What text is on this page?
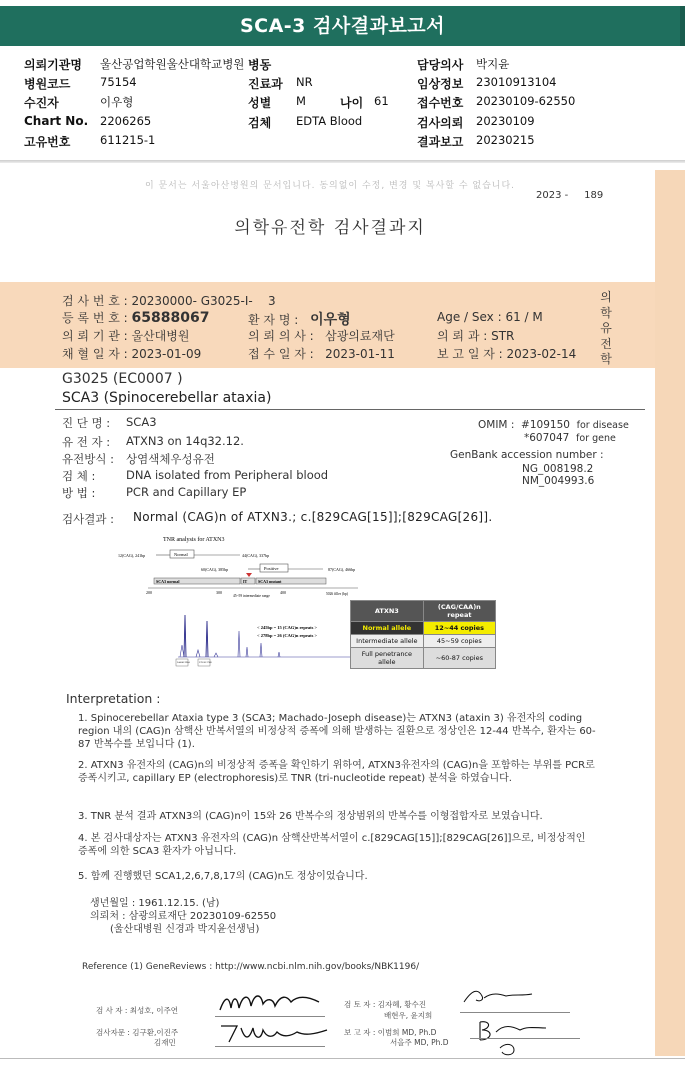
SCA-3 검사결과보고서
의뢰기관명 울산공업학원울산대학교병원 병동	담당의사 박지윤
병원코드	75154	진료과 NR	임상정보 23010913104
수진자	이우형	성별 M	나이 61 접수번호 20230109-62550
Chart No. 2206265	검체 EDTA Blood	검사의뢰 20230109
고유번호	611215-1	결과보고 20230215
이 문서는 서울아산병원의 문서입니다. 동의없이 수정, 변경 및 복사할 수 없습니다.
2023 - 189
의학유전학 검사결과지
검 사 번 호 : 20230000- G3025-I- 3
등 록 번 호 : 65888067	환 자 명 : 이우형	Age / Sex : 61 / M
의 뢰 기 관 : 울산대병원	의 뢰 의 사 : 삼광의료재단	의 뢰 과 : STR
채 혈 일 자 : 2023-01-09	접 수 일 자 : 2023-01-11	보 고 일 자 : 2023-02-14
의
학
유
전
학
G3025 (EC0007 )
SCA3 (Spinocerebellar ataxia)
진 단 명 : SCA3
유 전 자 : ATXN3 on 14q32.12.
유전방식 : 상염색체우성유전
검 체 :	DNA isolated from Peripheral blood
방 법 :	PCR and Capillary EP
OMIM : #109150 for disease
*607047 for gene
GenBank accession number :
NG_008198.2
NM_004993.6
검사결과 : Normal (CAG)n of ATXN3.; c.[829CAG[15]];[829CAG[26]].
TNR analysis for ATXN3
12(CAG), 241bp	Normal	44(CAG), 337bp
60(CAG), 385bp	Positive	87(CAG), 466bp
SCA3 normal	IT	SCA3 mutant
200	300	400	5026 filler (bp)
45~59 intermediate range
244.86 2904	278.26 2768
< 245bp = 15 (CAG)n repeats >
< 278bp = 26 (CAG)n repeats >
*. Allele sizes of ATXN3 gene
ATXN3	(CAG/CAA)n repeat
Normal allele	12~44 copies
Intermediate allele	45~59 copies
Full penetrance allele	~60-87 copies
Interpretation :
1. Spinocerebellar Ataxia type 3 (SCA3; Machado-Joseph disease)는 ATXN3 (ataxin 3) 유전자의 coding region 내의 (CAG)n 삼핵산 반복서열의 비정상적 증폭에 의해 발생하는 질환으로 정상인은 12-44 반복수, 환자는 60-87 반복수를 보입니다 (1).
2. ATXN3 유전자의 (CAG)n의 비정상적 증폭을 확인하기 위하여, ATXN3유전자의 (CAG)n을 포함하는 부위를 PCR로 증폭시키고, capillary EP (electrophoresis)로 TNR (tri-nucleotide repeat) 분석을 하였습니다.
3. TNR 분석 결과 ATXN3의 (CAG)n이 15와 26 반복수의 정상범위의 반복수를 이형접합자로 보였습니다.
4. 본 검사대상자는 ATXN3 유전자의 (CAG)n 삼핵산반복서열이 c.[829CAG[15]];[829CAG[26]]으로, 비정상적인 증폭에 의한 SCA3 환자가 아닙니다.
5. 함께 진행했던 SCA1,2,6,7,8,17의 (CAG)n도 정상이었습니다.
생년월일 : 1961.12.15. (남)
의뢰처 : 삼광의료재단 20230109-62550
(울산대병원 신경과 박지윤선생님)
Reference (1) GeneReviews : http://www.ncbi.nlm.nih.gov/books/NBK1196/
검 사 자 : 최성호, 이주연
검 토 자 : 김자혜, 황수진
배현우, 윤지희
검사자문 : 김구환,이진주
김재민
보 고 자 : 이범희 MD, Ph.D
서을주 MD, Ph.D
